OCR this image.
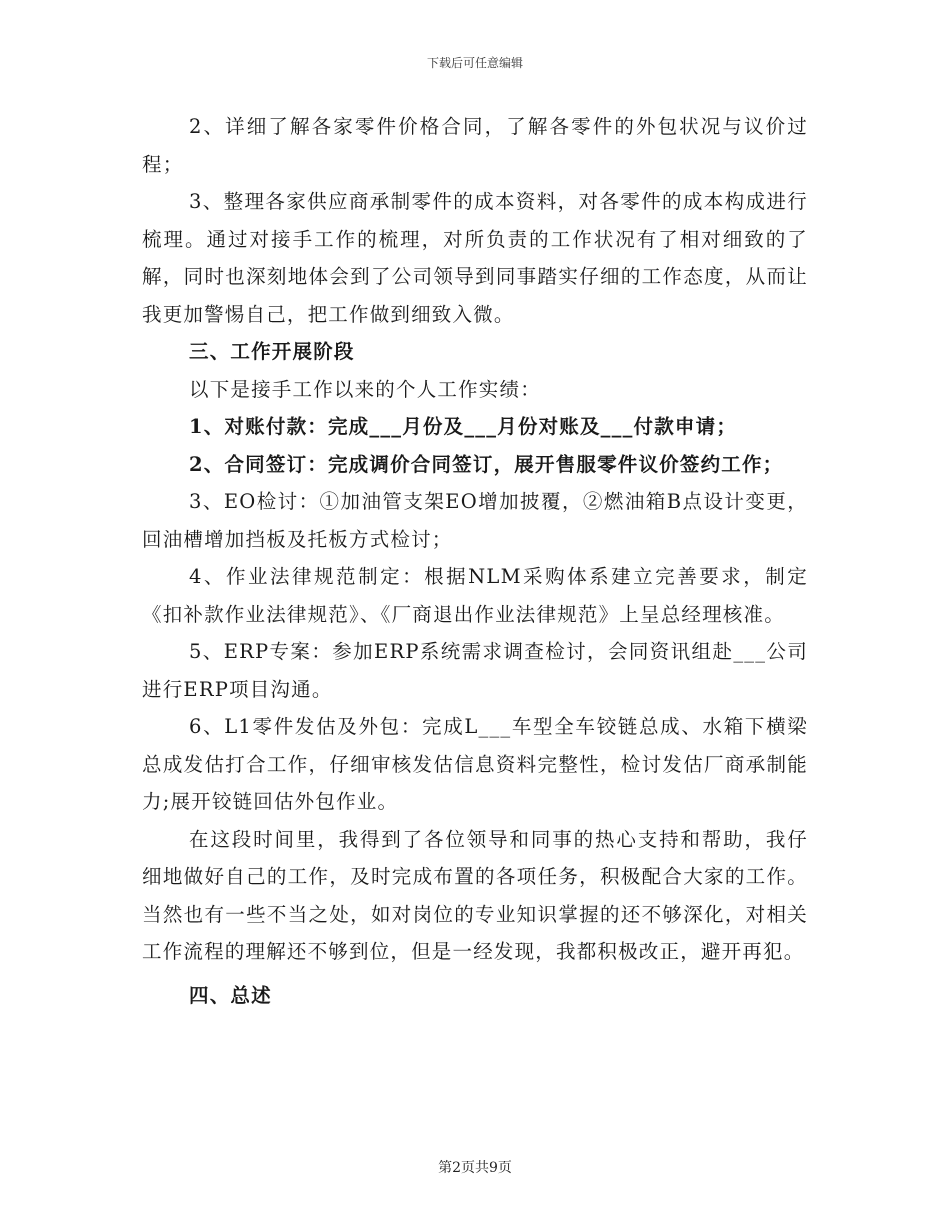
下载后可任意编辑

2、详细了解各家零件价格合同，了解各零件的外包状况与议价过程；

3、整理各家供应商承制零件的成本资料，对各零件的成本构成进行梳理。通过对接手工作的梳理，对所负责的工作状况有了相对细致的了解，同时也深刻地体会到了公司领导到同事踏实仔细的工作态度，从而让我更加警惕自己，把工作做到细致入微。

三、工作开展阶段

以下是接手工作以来的个人工作实绩：

1、对账付款：完成___月份及___月份对账及___付款申请；

2、合同签订：完成调价合同签订，展开售服零件议价签约工作；

3、EO检讨：①加油管支架EO增加披覆，②燃油箱B点设计变更，回油槽增加挡板及托板方式检讨；

4、作业法律规范制定：根据NLM采购体系建立完善要求，制定《扣补款作业法律规范》、《厂商退出作业法律规范》上呈总经理核准。

5、ERP专案：参加ERP系统需求调查检讨，会同资讯组赴___公司进行ERP项目沟通。

6、L1零件发估及外包：完成L___车型全车铰链总成、水箱下横梁总成发估打合工作，仔细审核发估信息资料完整性，检讨发估厂商承制能力;展开铰链回估外包作业。

在这段时间里，我得到了各位领导和同事的热心支持和帮助，我仔细地做好自己的工作，及时完成布置的各项任务，积极配合大家的工作。当然也有一些不当之处，如对岗位的专业知识掌握的还不够深化，对相关工作流程的理解还不够到位，但是一经发现，我都积极改正，避开再犯。

四、总述

第2页共9页
